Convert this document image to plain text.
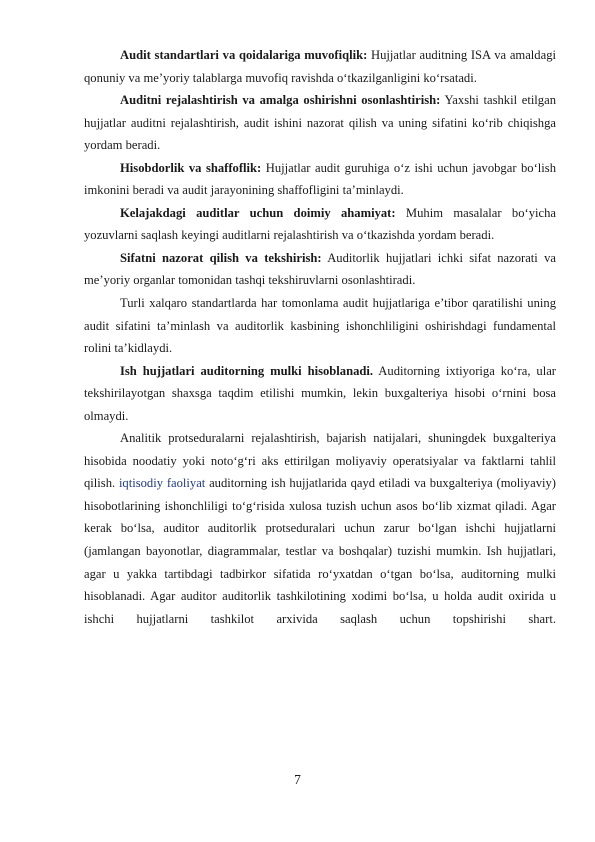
Audit standartlari va qoidalariga muvofiqlik: Hujjatlar auditning ISA va amaldagi qonuniy va me’yoriy talablarga muvofiq ravishda o‘tkazilganligini ko‘rsatadi.

Auditni rejalashtirish va amalga oshirishni osonlashtirish: Yaxshi tashkil etilgan hujjatlar auditni rejalashtirish, audit ishini nazorat qilish va uning sifatini ko‘rib chiqishga yordam beradi.

Hisobdorlik va shaffoflik: Hujjatlar audit guruhiga o‘z ishi uchun javobgar bo‘lish imkonini beradi va audit jarayonining shaffofligini ta’minlaydi.

Kelajakdagi auditlar uchun doimiy ahamiyat: Muhim masalalar bo‘yicha yozuvlarni saqlash keyingi auditlarni rejalashtirish va o‘tkazishda yordam beradi.

Sifatni nazorat qilish va tekshirish: Auditorlik hujjatlari ichki sifat nazorati va me’yoriy organlar tomonidan tashqi tekshiruvlarni osonlashtiradi.

Turli xalqaro standartlarda har tomonlama audit hujjatlariga e’tibor qaratilishi uning audit sifatini ta’minlash va auditorlik kasbining ishonchliligini oshirishdagi fundamental rolini ta’kidlaydi.

Ish hujjatlari auditorning mulki hisoblanadi. Auditorning ixtiyoriga ko‘ra, ular tekshirilayotgan shaxsga taqdim etilishi mumkin, lekin buxgalteriya hisobi o‘rnini bosa olmaydi.

Analitik protseduralarni rejalashtirish, bajarish natijalari, shuningdek buxgalteriya hisobida noodatiy yoki noto‘g‘ri aks ettirilgan moliyaviy operatsiyalar va faktlarni tahlil qilish. iqtisodiy faoliyat auditorning ish hujjatlarida qayd etiladi va buxgalteriya (moliyaviy) hisobotlarining ishonchliligi to‘g‘risida xulosa tuzish uchun asos bo‘lib xizmat qiladi. Agar kerak bo‘lsa, auditor auditorlik protseduralari uchun zarur bo‘lgan ishchi hujjatlarni (jamlangan bayonotlar, diagrammalar, testlar va boshqalar) tuzishi mumkin. Ish hujjatlari, agar u yakka tartibdagi tadbirkor sifatida ro‘yxatdan o‘tgan bo‘lsa, auditorning mulki hisoblanadi. Agar auditor auditorlik tashkilotining xodimi bo‘lsa, u holda audit oxirida u ishchi hujjatlarni tashkilot arxivida saqlash uchun topshirishi shart.

7
